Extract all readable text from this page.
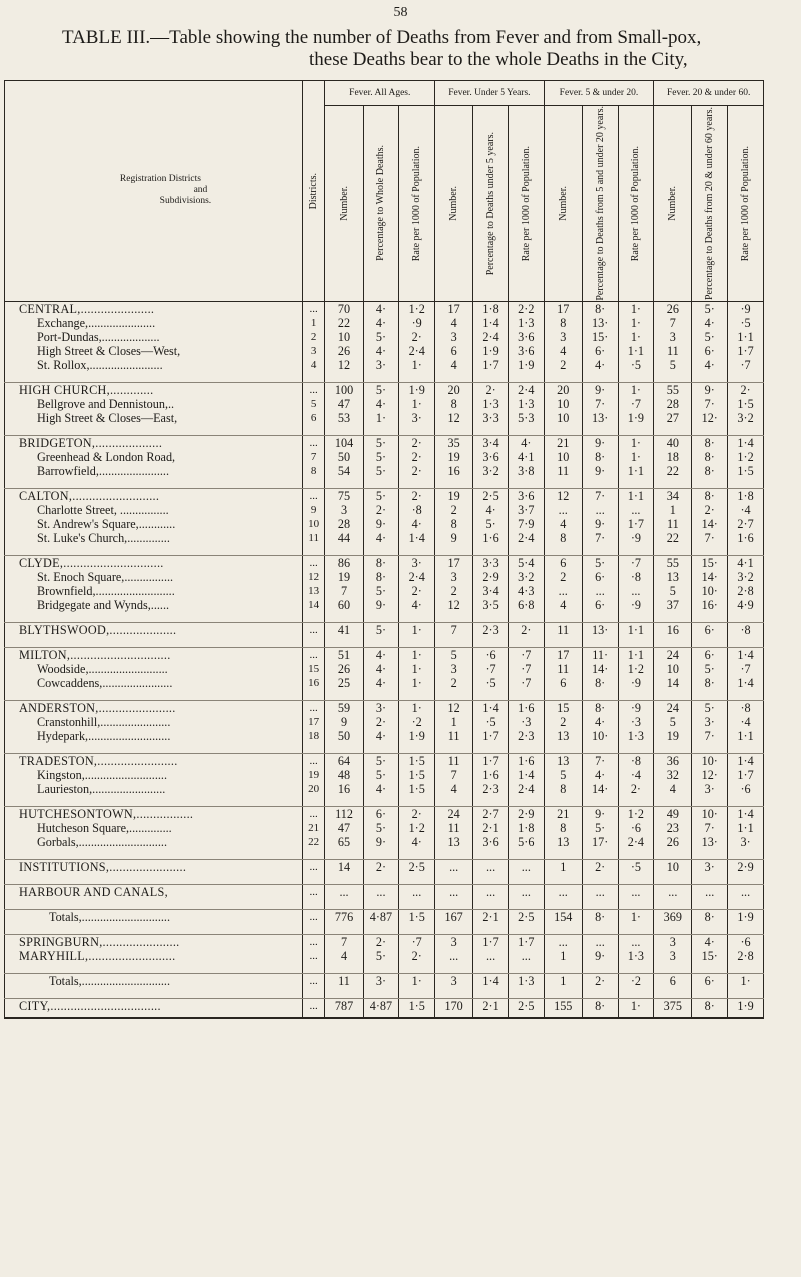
58
TABLE III.—Table showing the number of Deaths from Fever and from Small-pox,
these Deaths bear to the whole Deaths in the City,
Registration Districts
and
Subdivisions.	Districts.	Fever. All Ages.			Fever. Under 5 Years.			Fever. 5 & under 20.			Fever. 20 & under 60.		

		Number.	Percentage to Whole Deaths.	Rate per 1000 of Population.	Number.	Percentage to Deaths under 5 years.	Rate per 1000 of Population.	Number.	Percentage to Deaths from 5 and under 20 years.	Rate per 1000 of Population.	Number.	Percentage to Deaths from 20 & under 60 years.	Rate per 1000 of Population.

CENTRAL,......................	...	70	4·	1·2	17	1·8	2·2	17	8·	1·	26	5·	·9
Exchange,......................	1	22	4·	·9	4	1·4	1·3	8	13·	1·	7	4·	·5
Port-Dundas,...................	2	10	5·	2·	3	2·4	3·6	3	15·	1·	3	5·	1·1
High Street & Closes—West,	3	26	4·	2·4	6	1·9	3·6	4	6·	1·1	11	6·	1·7
St. Rollox,........................	4	12	3·	1·	4	1·7	1·9	2	4·	·5	5	4·	·7

HIGH CHURCH,.............	...	100	5·	1·9	20	2·	2·4	20	9·	1·	55	9·	2·
Bellgrove and Dennistoun,..	5	47	4·	1·	8	1·3	1·3	10	7·	·7	28	7·	1·5
High Street & Closes—East,	6	53	1·	3·	12	3·3	5·3	10	13·	1·9	27	12·	3·2

BRIDGETON,....................	...	104	5·	2·	35	3·4	4·	21	9·	1·	40	8·	1·4
Greenhead & London Road,	7	50	5·	2·	19	3·6	4·1	10	8·	1·	18	8·	1·2
Barrowfield,.......................	8	54	5·	2·	16	3·2	3·8	11	9·	1·1	22	8·	1·5

CALTON,..........................	...	75	5·	2·	19	2·5	3·6	12	7·	1·1	34	8·	1·8
Charlotte Street, ................	9	3	2·	·8	2	4·	3·7	...	...	...	1	2·	·4
St. Andrew's Square,............	10	28	9·	4·	8	5·	7·9	4	9·	1·7	11	14·	2·7
St. Luke's Church,..............	11	44	4·	1·4	9	1·6	2·4	8	7·	·9	22	7·	1·6

CLYDE,..............................	...	86	8·	3·	17	3·3	5·4	6	5·	·7	55	15·	4·1
St. Enoch Square,................	12	19	8·	2·4	3	2·9	3·2	2	6·	·8	13	14·	3·2
Brownfield,..........................	13	7	5·	2·	2	3·4	4·3	...	...	...	5	10·	2·8
Bridgegate and Wynds,......	14	60	9·	4·	12	3·5	6·8	4	6·	·9	37	16·	4·9

BLYTHSWOOD,....................	...	41	5·	1·	7	2·3	2·	11	13·	1·1	16	6·	·8

MILTON,..............................	...	51	4·	1·	5	·6	·7	17	11·	1·1	24	6·	1·4
Woodside,..........................	15	26	4·	1·	3	·7	·7	11	14·	1·2	10	5·	·7
Cowcaddens,.......................	16	25	4·	1·	2	·5	·7	6	8·	·9	14	8·	1·4

ANDERSTON,.......................	...	59	3·	1·	12	1·4	1·6	15	8·	·9	24	5·	·8
Cranstonhill,.......................	17	9	2·	·2	1	·5	·3	2	4·	·3	5	3·	·4
Hydepark,...........................	18	50	4·	1·9	11	1·7	2·3	13	10·	1·3	19	7·	1·1

TRADESTON,........................	...	64	5·	1·5	11	1·7	1·6	13	7·	·8	36	10·	1·4
Kingston,...........................	19	48	5·	1·5	7	1·6	1·4	5	4·	·4	32	12·	1·7
Laurieston,........................	20	16	4·	1·5	4	2·3	2·4	8	14·	2·	4	3·	·6

HUTCHESONTOWN,.................	...	112	6·	2·	24	2·7	2·9	21	9·	1·2	49	10·	1·4
Hutcheson Square,..............	21	47	5·	1·2	11	2·1	1·8	8	5·	·6	23	7·	1·1
Gorbals,.............................	22	65	9·	4·	13	3·6	5·6	13	17·	2·4	26	13·	3·

INSTITUTIONS,.......................	...	14	2·	2·5	...	...	...	1	2·	·5	10	3·	2·9

HARBOUR AND CANALS,	...	...	...	...	...	...	...	...	...	...	...	...	...

Totals,.............................	...	776	4·87	1·5	167	2·1	2·5	154	8·	1·	369	8·	1·9

SPRINGBURN,.......................	...	7	2·	·7	3	1·7	1·7	...	...	...	3	4·	·6
MARYHILL,..........................	...	4	5·	2·	...	...	...	1	9·	1·3	3	15·	2·8

Totals,.............................	...	11	3·	1·	3	1·4	1·3	1	2·	·2	6	6·	1·

CITY,.................................	...	787	4·87	1·5	170	2·1	2·5	155	8·	1·	375	8·	1·9
